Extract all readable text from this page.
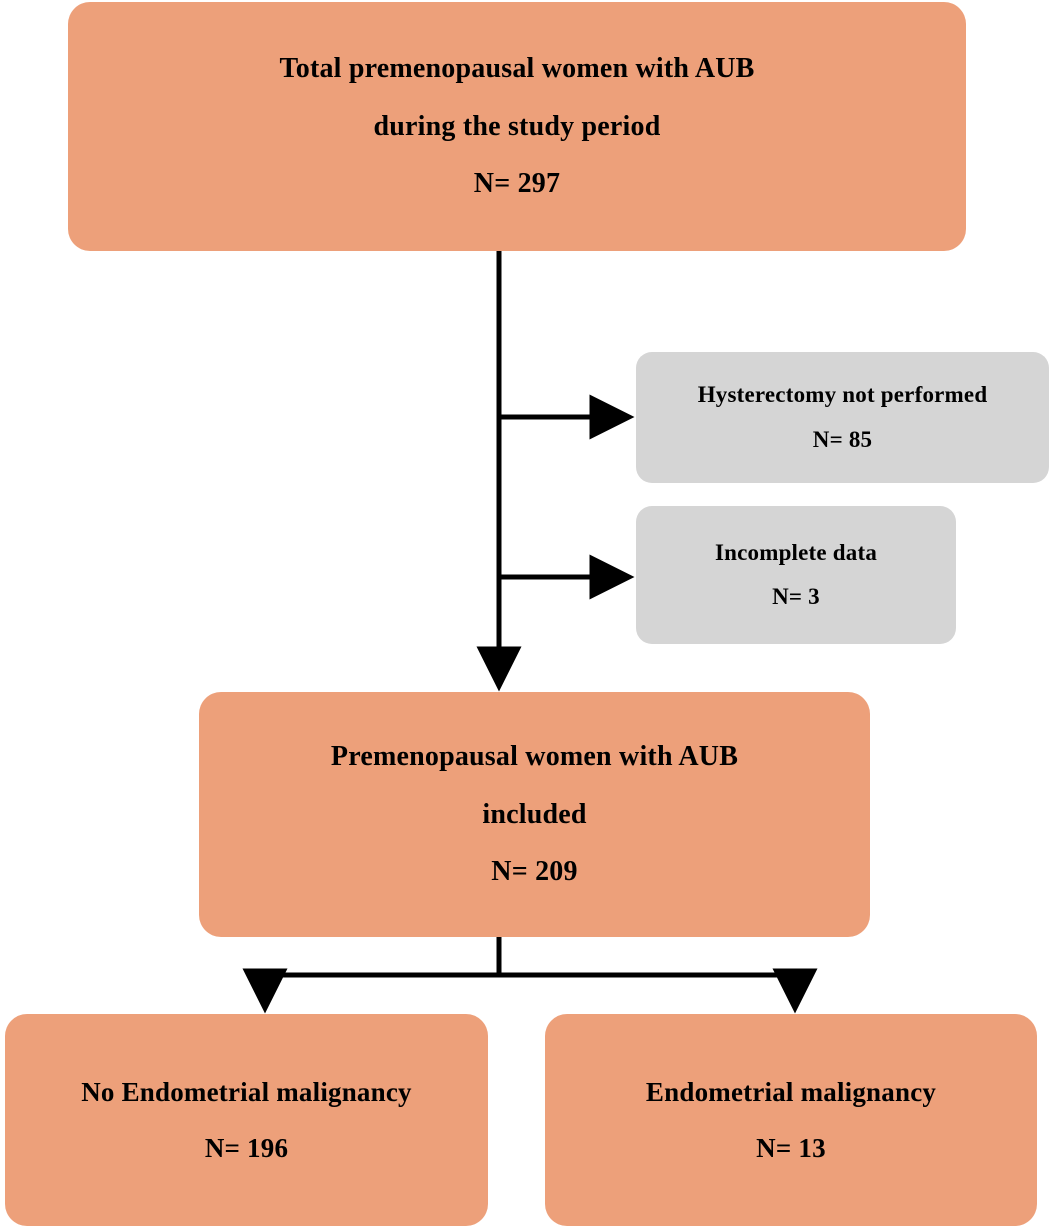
Total premenopausal women with AUB
during the study period
N= 297
Hysterectomy not performed
N= 85
Incomplete data
N= 3
Premenopausal women with AUB
included
N= 209
No Endometrial malignancy
N= 196
Endometrial malignancy
N= 13
